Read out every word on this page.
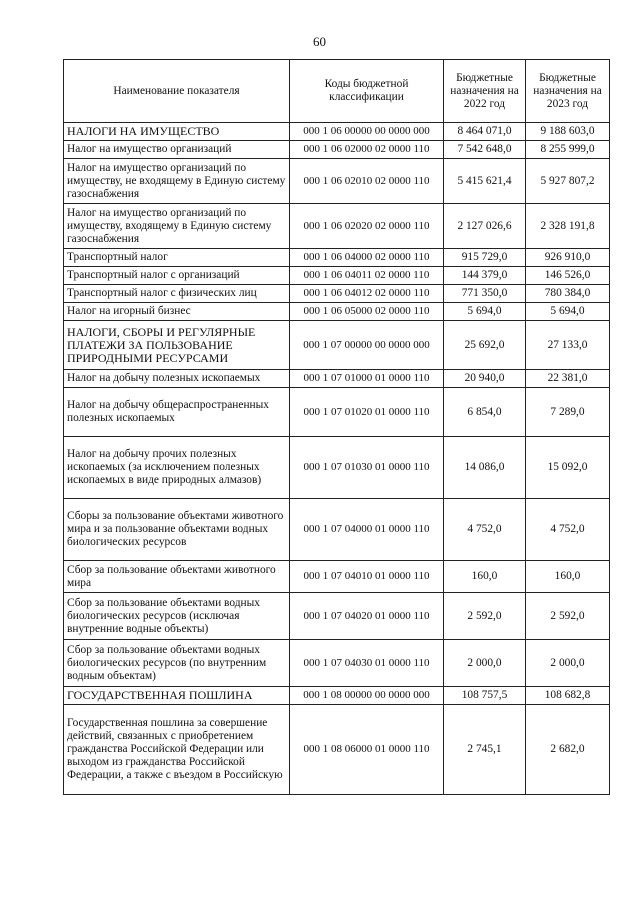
60
Наименование показателя	Коды бюджетной классификации	Бюджетные назначения на 2022 год	Бюджетные назначения на 2023 год
НАЛОГИ НА ИМУЩЕСТВО	000 1 06 00000 00 0000 000	8 464 071,0	9 188 603,0
Налог на имущество организаций	000 1 06 02000 02 0000 110	7 542 648,0	8 255 999,0
Налог на имущество организаций по имуществу, не входящему в Единую систему газоснабжения	000 1 06 02010 02 0000 110	5 415 621,4	5 927 807,2
Налог на имущество организаций по имуществу, входящему в Единую систему газоснабжения	000 1 06 02020 02 0000 110	2 127 026,6	2 328 191,8
Транспортный налог	000 1 06 04000 02 0000 110	915 729,0	926 910,0
Транспортный налог с организаций	000 1 06 04011 02 0000 110	144 379,0	146 526,0
Транспортный налог с физических лиц	000 1 06 04012 02 0000 110	771 350,0	780 384,0
Налог на игорный бизнес	000 1 06 05000 02 0000 110	5 694,0	5 694,0
НАЛОГИ, СБОРЫ И РЕГУЛЯРНЫЕ ПЛАТЕЖИ ЗА ПОЛЬЗОВАНИЕ ПРИРОДНЫМИ РЕСУРСАМИ	000 1 07 00000 00 0000 000	25 692,0	27 133,0
Налог на добычу полезных ископаемых	000 1 07 01000 01 0000 110	20 940,0	22 381,0
Налог на добычу общераспространенных полезных ископаемых	000 1 07 01020 01 0000 110	6 854,0	7 289,0
Налог на добычу прочих полезных ископаемых (за исключением полезных ископаемых в виде природных алмазов)	000 1 07 01030 01 0000 110	14 086,0	15 092,0
Сборы за пользование объектами животного мира и за пользование объектами водных биологических ресурсов	000 1 07 04000 01 0000 110	4 752,0	4 752,0
Сбор за пользование объектами животного мира	000 1 07 04010 01 0000 110	160,0	160,0
Сбор за пользование объектами водных биологических ресурсов (исключая внутренние водные объекты)	000 1 07 04020 01 0000 110	2 592,0	2 592,0
Сбор за пользование объектами водных биологических ресурсов (по внутренним водным объектам)	000 1 07 04030 01 0000 110	2 000,0	2 000,0
ГОСУДАРСТВЕННАЯ ПОШЛИНА	000 1 08 00000 00 0000 000	108 757,5	108 682,8
Государственная пошлина за совершение действий, связанных с приобретением гражданства Российской Федерации или выходом из гражданства Российской Федерации, а также с въездом в Российскую	000 1 08 06000 01 0000 110	2 745,1	2 682,0
